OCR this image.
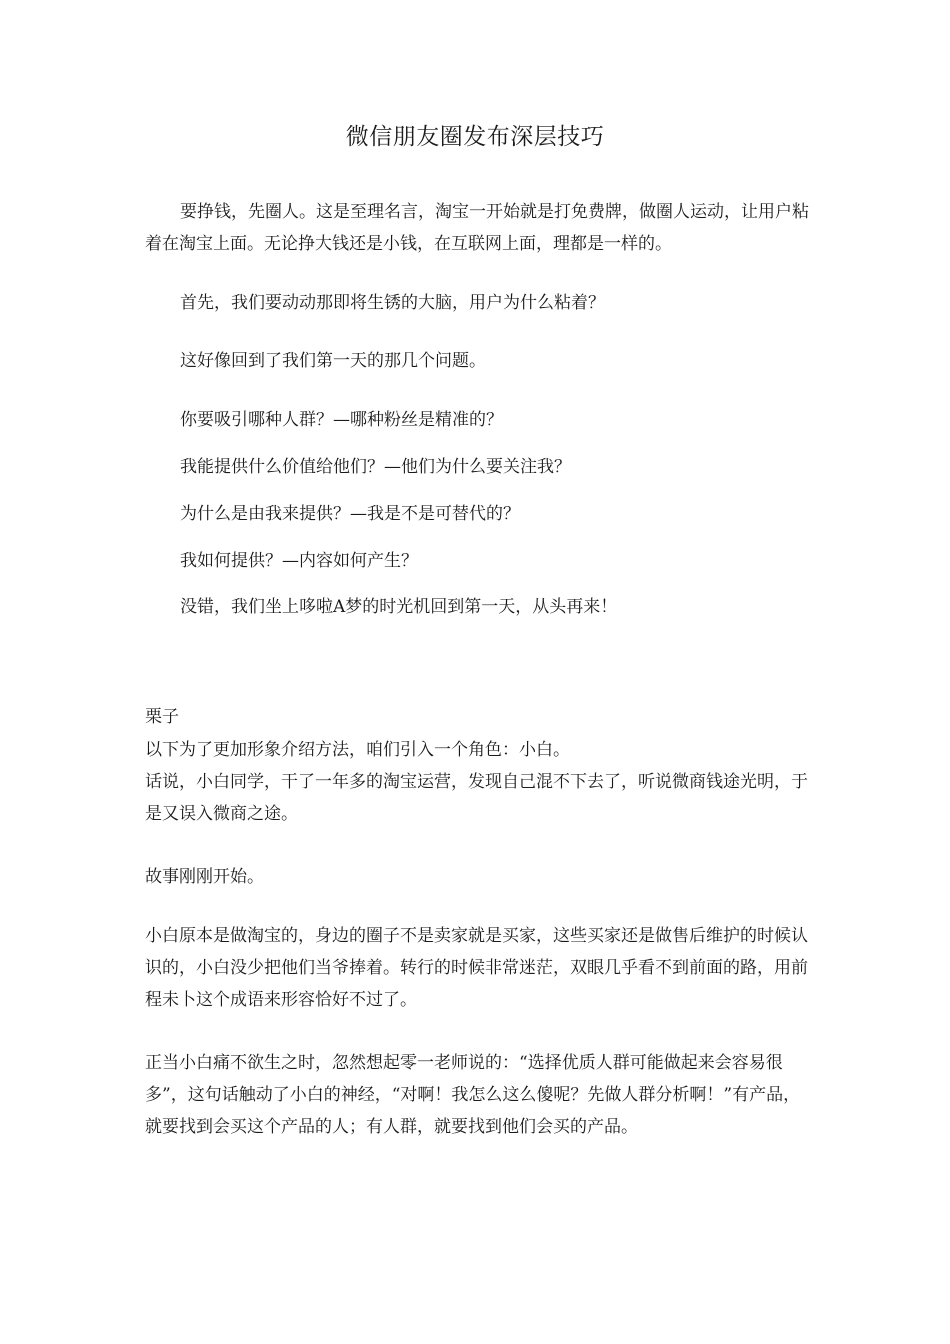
微信朋友圈发布深层技巧

要挣钱，先圈人。这是至理名言，淘宝一开始就是打免费牌，做圈人运动，让用户粘着在淘宝上面。无论挣大钱还是小钱，在互联网上面，理都是一样的。

首先，我们要动动那即将生锈的大脑，用户为什么粘着？

这好像回到了我们第一天的那几个问题。

你要吸引哪种人群？—哪种粉丝是精准的？

我能提供什么价值给他们？—他们为什么要关注我？

为什么是由我来提供？—我是不是可替代的？

我如何提供？—内容如何产生？

没错，我们坐上哆啦A梦的时光机回到第一天，从头再来！

栗子

以下为了更加形象介绍方法，咱们引入一个角色：小白。

话说，小白同学，干了一年多的淘宝运营，发现自己混不下去了，听说微商钱途光明，于是又误入微商之途。

故事刚刚开始。

小白原本是做淘宝的，身边的圈子不是卖家就是买家，这些买家还是做售后维护的时候认识的，小白没少把他们当爷捧着。转行的时候非常迷茫，双眼几乎看不到前面的路，用前程未卜这个成语来形容恰好不过了。

正当小白痛不欲生之时，忽然想起零一老师说的：“选择优质人群可能做起来会容易很多”，这句话触动了小白的神经，“对啊！我怎么这么傻呢？先做人群分析啊！”有产品，就要找到会买这个产品的人；有人群，就要找到他们会买的产品。
